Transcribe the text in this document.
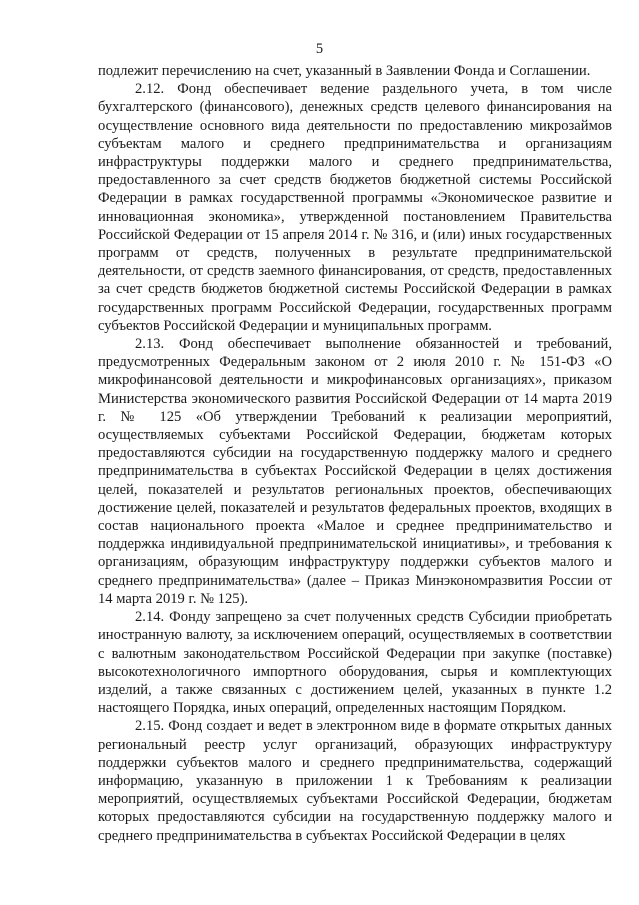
5

подлежит перечислению на счет, указанный в Заявлении Фонда и Соглашении.

2.12. Фонд обеспечивает ведение раздельного учета, в том числе бухгалтерского (финансового), денежных средств целевого финансирования на осуществление основного вида деятельности по предоставлению микрозаймов субъектам малого и среднего предпринимательства и организациям инфраструктуры поддержки малого и среднего предпринимательства, предоставленного за счет средств бюджетов бюджетной системы Российской Федерации в рамках государственной программы «Экономическое развитие и инновационная экономика», утвержденной постановлением Правительства Российской Федерации от 15 апреля 2014 г. № 316, и (или) иных государственных программ от средств, полученных в результате предпринимательской деятельности, от средств заемного финансирования, от средств, предоставленных за счет средств бюджетов бюджетной системы Российской Федерации в рамках государственных программ Российской Федерации, государственных программ субъектов Российской Федерации и муниципальных программ.

2.13. Фонд обеспечивает выполнение обязанностей и требований, предусмотренных Федеральным законом от 2 июля 2010 г. № 151-ФЗ «О микрофинансовой деятельности и микрофинансовых организациях», приказом Министерства экономического развития Российской Федерации от 14 марта 2019 г. № 125 «Об утверждении Требований к реализации мероприятий, осуществляемых субъектами Российской Федерации, бюджетам которых предоставляются субсидии на государственную поддержку малого и среднего предпринимательства в субъектах Российской Федерации в целях достижения целей, показателей и результатов региональных проектов, обеспечивающих достижение целей, показателей и результатов федеральных проектов, входящих в состав национального проекта «Малое и среднее предпринимательство и поддержка индивидуальной предпринимательской инициативы», и требования к организациям, образующим инфраструктуру поддержки субъектов малого и среднего предпринимательства» (далее – Приказ Минэкономразвития России от 14 марта 2019 г. № 125).

2.14. Фонду запрещено за счет полученных средств Субсидии приобретать иностранную валюту, за исключением операций, осуществляемых в соответствии с валютным законодательством Российской Федерации при закупке (поставке) высокотехнологичного импортного оборудования, сырья и комплектующих изделий, а также связанных с достижением целей, указанных в пункте 1.2 настоящего Порядка, иных операций, определенных настоящим Порядком.

2.15. Фонд создает и ведет в электронном виде в формате открытых данных региональный реестр услуг организаций, образующих инфраструктуру поддержки субъектов малого и среднего предпринимательства, содержащий информацию, указанную в приложении 1 к Требованиям к реализации мероприятий, осуществляемых субъектами Российской Федерации, бюджетам которых предоставляются субсидии на государственную поддержку малого и среднего предпринимательства в субъектах Российской Федерации в целях
